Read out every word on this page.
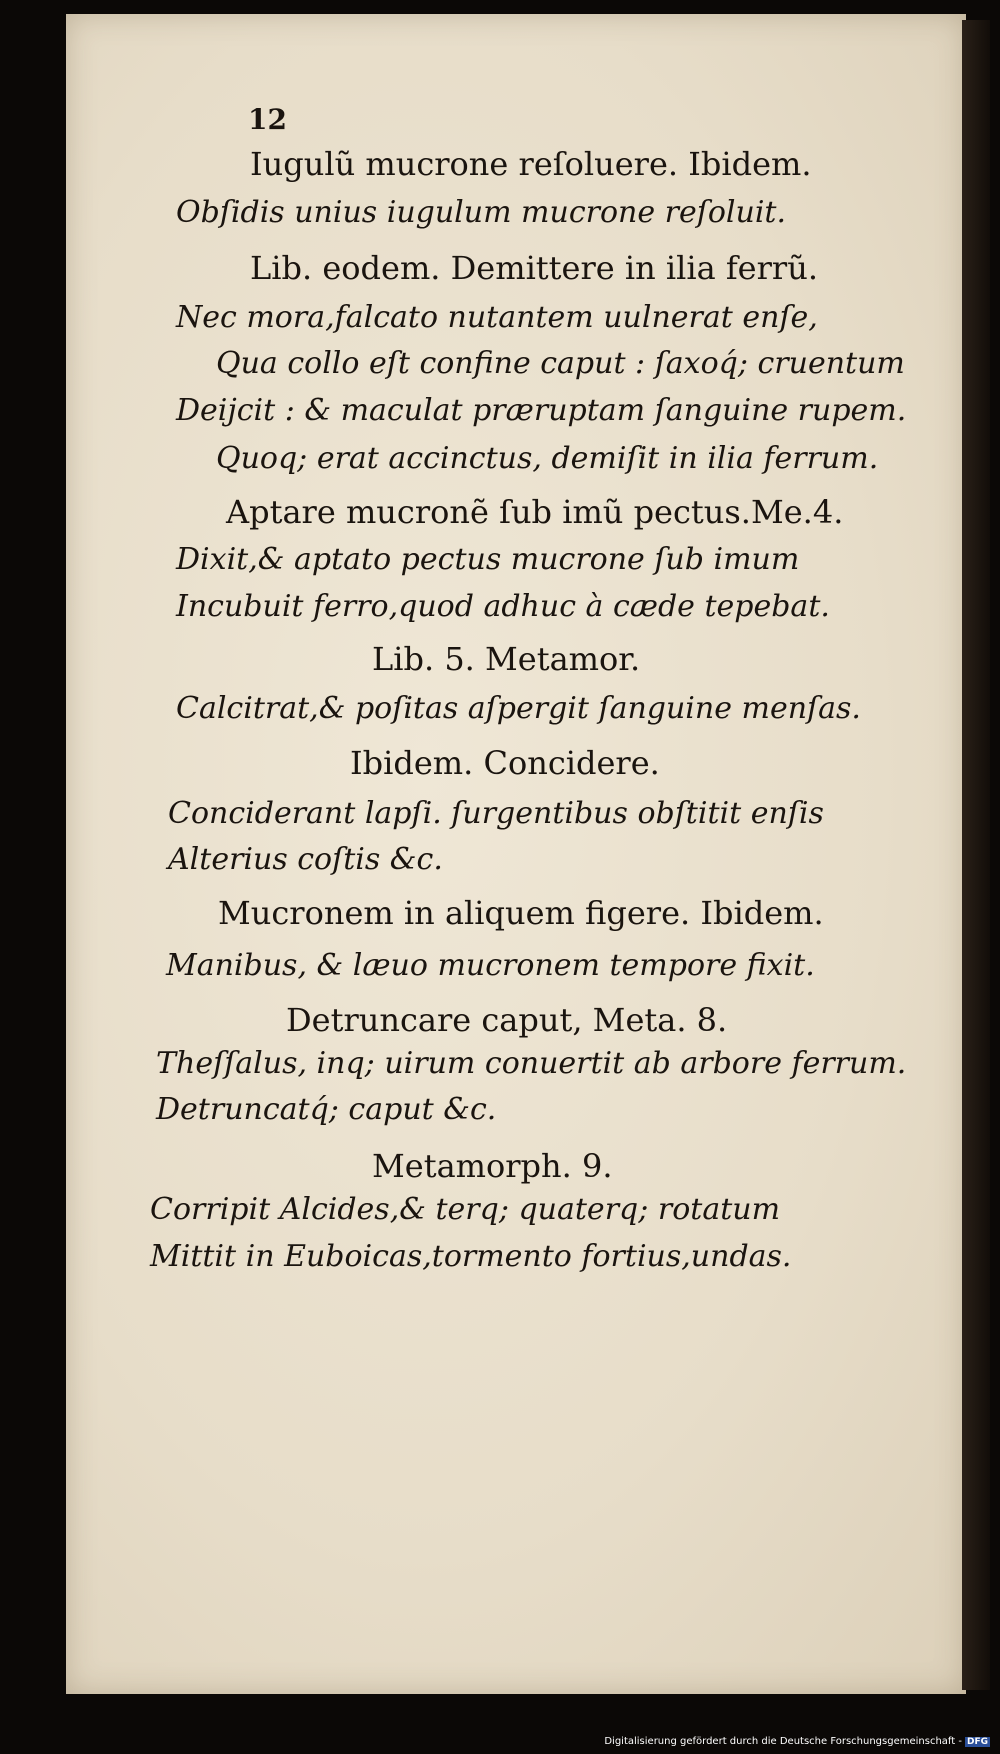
12
Iugulũ mucrone reſoluere. Ibidem.
Obſidis unius iugulum mucrone reſoluit.
Lib. eodem. Demittere in ilia ferrũ.
Nec mora,falcato nutantem uulnerat enſe,
Qua collo eſt confine caput : ſaxoq́; cruentum
Deijcit : & maculat præruptam ſanguine rupem.
Quoq; erat accinctus, demiſit in ilia ferrum.
Aptare mucronẽ ſub imũ pectus.Me.4.
Dixit,& aptato pectus mucrone ſub imum
Incubuit ferro,quod adhuc à cæde tepebat.
Lib. 5. Metamor.
Calcitrat,& poſitas aſpergit ſanguine menſas.
Ibidem. Concidere.
Conciderant lapſi. ſurgentibus obſtitit enſis
Alterius coſtis &c.
Mucronem in aliquem figere. Ibidem.
Manibus, & læuo mucronem tempore fixit.
Detruncare caput, Meta. 8.
Theſſalus, inq; uirum conuertit ab arbore ferrum.
Detruncatq́; caput &c.
Metamorph. 9.
Corripit Alcides,& terq; quaterq; rotatum
Mittit in Euboicas,tormento fortius,undas.
Digitalisierung gefördert durch die Deutsche Forschungsgemeinschaft - DFG
